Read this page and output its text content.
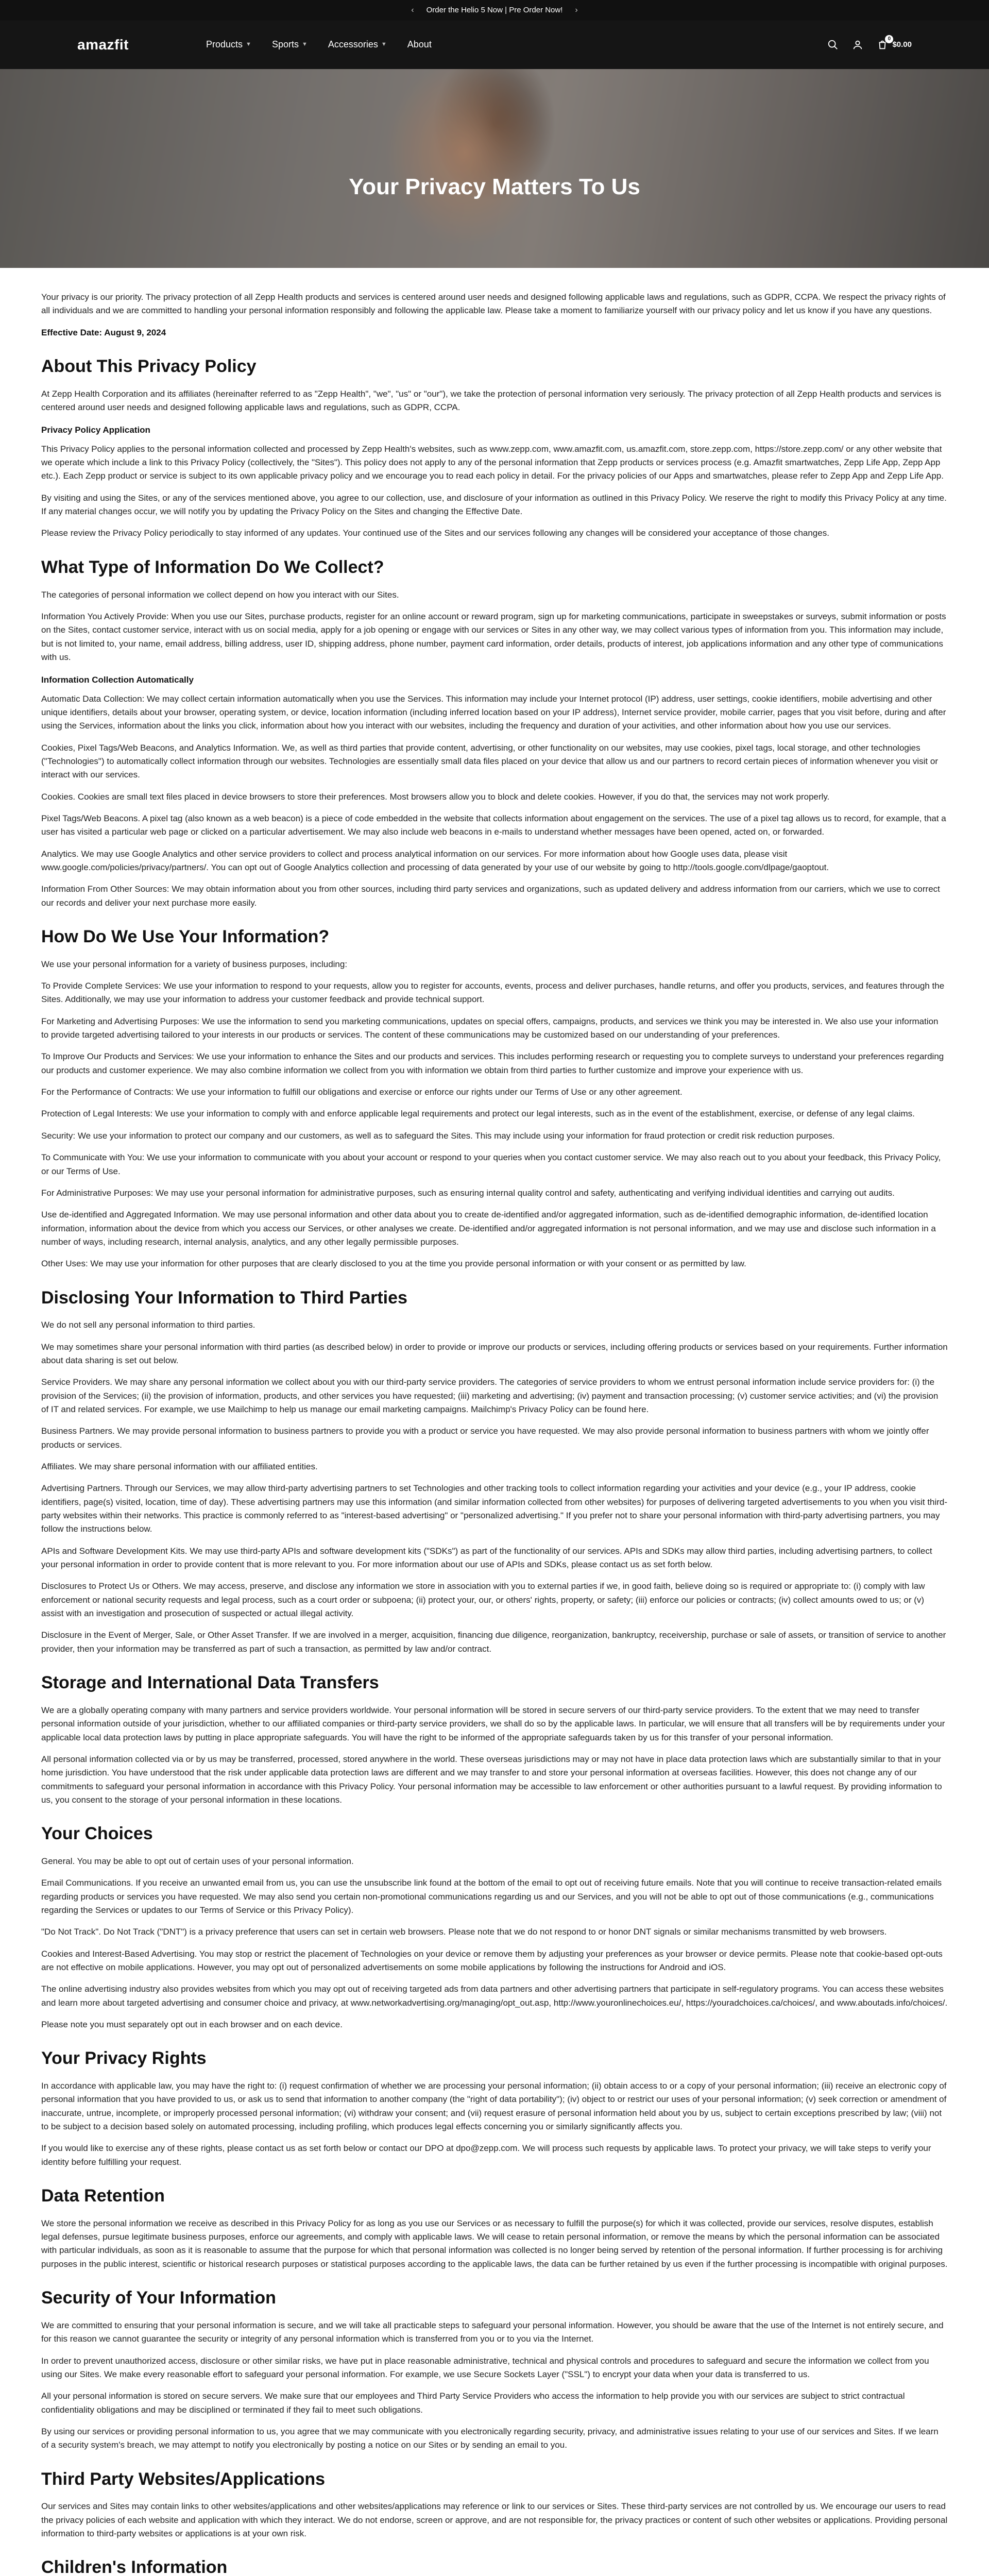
‹ Order the Helio 5 Now | Pre Order Now! ›
amazfit	Products ▼ Sports ▼ Accessories ▼ About
0
$0.00
Your Privacy Matters To Us

Your privacy is our priority. The privacy protection of all Zepp Health products and services is centered around user needs and designed following applicable laws and regulations, such as GDPR, CCPA. We respect the privacy rights of all individuals and we are committed to handling your personal information responsibly and following the applicable law. Please take a moment to familiarize yourself with our privacy policy and let us know if you have any questions.

Effective Date: August 9, 2024

About This Privacy Policy

At Zepp Health Corporation and its affiliates (hereinafter referred to as "Zepp Health", "we", "us" or "our"), we take the protection of personal information very seriously. The privacy protection of all Zepp Health products and services is centered around user needs and designed following applicable laws and regulations, such as GDPR, CCPA.

Privacy Policy Application

This Privacy Policy applies to the personal information collected and processed by Zepp Health's websites, such as www.zepp.com, www.amazfit.com, us.amazfit.com, store.zepp.com, https://store.zepp.com/ or any other website that we operate which include a link to this Privacy Policy (collectively, the "Sites"). This policy does not apply to any of the personal information that Zepp products or services process (e.g. Amazfit smartwatches, Zepp Life App, Zepp App etc.). Each Zepp product or service is subject to its own applicable privacy policy and we encourage you to read each policy in detail. For the privacy policies of our Apps and smartwatches, please refer to Zepp App and Zepp Life App.

By visiting and using the Sites, or any of the services mentioned above, you agree to our collection, use, and disclosure of your information as outlined in this Privacy Policy. We reserve the right to modify this Privacy Policy at any time. If any material changes occur, we will notify you by updating the Privacy Policy on the Sites and changing the Effective Date.

Please review the Privacy Policy periodically to stay informed of any updates. Your continued use of the Sites and our services following any changes will be considered your acceptance of those changes.

What Type of Information Do We Collect?

The categories of personal information we collect depend on how you interact with our Sites.

Information You Actively Provide: When you use our Sites, purchase products, register for an online account or reward program, sign up for marketing communications, participate in sweepstakes or surveys, submit information or posts on the Sites, contact customer service, interact with us on social media, apply for a job opening or engage with our services or Sites in any other way, we may collect various types of information from you. This information may include, but is not limited to, your name, email address, billing address, user ID, shipping address, phone number, payment card information, order details, products of interest, job applications information and any other type of communications with us.

Information Collection Automatically

Automatic Data Collection: We may collect certain information automatically when you use the Services. This information may include your Internet protocol (IP) address, user settings, cookie identifiers, mobile advertising and other unique identifiers, details about your browser, operating system, or device, location information (including inferred location based on your IP address), Internet service provider, mobile carrier, pages that you visit before, during and after using the Services, information about the links you click, information about how you interact with our websites, including the frequency and duration of your activities, and other information about how you use our services.

Cookies, Pixel Tags/Web Beacons, and Analytics Information. We, as well as third parties that provide content, advertising, or other functionality on our websites, may use cookies, pixel tags, local storage, and other technologies ("Technologies") to automatically collect information through our websites. Technologies are essentially small data files placed on your device that allow us and our partners to record certain pieces of information whenever you visit or interact with our services.

Cookies. Cookies are small text files placed in device browsers to store their preferences. Most browsers allow you to block and delete cookies. However, if you do that, the services may not work properly.

Pixel Tags/Web Beacons. A pixel tag (also known as a web beacon) is a piece of code embedded in the website that collects information about engagement on the services. The use of a pixel tag allows us to record, for example, that a user has visited a particular web page or clicked on a particular advertisement. We may also include web beacons in e-mails to understand whether messages have been opened, acted on, or forwarded.

Analytics. We may use Google Analytics and other service providers to collect and process analytical information on our services. For more information about how Google uses data, please visit www.google.com/policies/privacy/partners/. You can opt out of Google Analytics collection and processing of data generated by your use of our website by going to http://tools.google.com/dlpage/gaoptout.

Information From Other Sources: We may obtain information about you from other sources, including third party services and organizations, such as updated delivery and address information from our carriers, which we use to correct our records and deliver your next purchase more easily.

How Do We Use Your Information?

We use your personal information for a variety of business purposes, including:

To Provide Complete Services: We use your information to respond to your requests, allow you to register for accounts, events, process and deliver purchases, handle returns, and offer you products, services, and features through the Sites. Additionally, we may use your information to address your customer feedback and provide technical support.

For Marketing and Advertising Purposes: We use the information to send you marketing communications, updates on special offers, campaigns, products, and services we think you may be interested in. We also use your information to provide targeted advertising tailored to your interests in our products or services. The content of these communications may be customized based on our understanding of your preferences.

To Improve Our Products and Services: We use your information to enhance the Sites and our products and services. This includes performing research or requesting you to complete surveys to understand your preferences regarding our products and customer experience. We may also combine information we collect from you with information we obtain from third parties to further customize and improve your experience with us.

For the Performance of Contracts: We use your information to fulfill our obligations and exercise or enforce our rights under our Terms of Use or any other agreement.

Protection of Legal Interests: We use your information to comply with and enforce applicable legal requirements and protect our legal interests, such as in the event of the establishment, exercise, or defense of any legal claims.

Security: We use your information to protect our company and our customers, as well as to safeguard the Sites. This may include using your information for fraud protection or credit risk reduction purposes.

To Communicate with You: We use your information to communicate with you about your account or respond to your queries when you contact customer service. We may also reach out to you about your feedback, this Privacy Policy, or our Terms of Use.

For Administrative Purposes: We may use your personal information for administrative purposes, such as ensuring internal quality control and safety, authenticating and verifying individual identities and carrying out audits.

Use de-identified and Aggregated Information. We may use personal information and other data about you to create de-identified and/or aggregated information, such as de-identified demographic information, de-identified location information, information about the device from which you access our Services, or other analyses we create. De-identified and/or aggregated information is not personal information, and we may use and disclose such information in a number of ways, including research, internal analysis, analytics, and any other legally permissible purposes.

Other Uses: We may use your information for other purposes that are clearly disclosed to you at the time you provide personal information or with your consent or as permitted by law.

Disclosing Your Information to Third Parties

We do not sell any personal information to third parties.

We may sometimes share your personal information with third parties (as described below) in order to provide or improve our products or services, including offering products or services based on your requirements. Further information about data sharing is set out below.

Service Providers. We may share any personal information we collect about you with our third-party service providers. The categories of service providers to whom we entrust personal information include service providers for: (i) the provision of the Services; (ii) the provision of information, products, and other services you have requested; (iii) marketing and advertising; (iv) payment and transaction processing; (v) customer service activities; and (vi) the provision of IT and related services. For example, we use Mailchimp to help us manage our email marketing campaigns. Mailchimp's Privacy Policy can be found here.

Business Partners. We may provide personal information to business partners to provide you with a product or service you have requested. We may also provide personal information to business partners with whom we jointly offer products or services.

Affiliates. We may share personal information with our affiliated entities.

Advertising Partners. Through our Services, we may allow third-party advertising partners to set Technologies and other tracking tools to collect information regarding your activities and your device (e.g., your IP address, cookie identifiers, page(s) visited, location, time of day). These advertising partners may use this information (and similar information collected from other websites) for purposes of delivering targeted advertisements to you when you visit third-party websites within their networks. This practice is commonly referred to as "interest-based advertising" or "personalized advertising." If you prefer not to share your personal information with third-party advertising partners, you may follow the instructions below.

APIs and Software Development Kits. We may use third-party APIs and software development kits ("SDKs") as part of the functionality of our services. APIs and SDKs may allow third parties, including advertising partners, to collect your personal information in order to provide content that is more relevant to you. For more information about our use of APIs and SDKs, please contact us as set forth below.

Disclosures to Protect Us or Others. We may access, preserve, and disclose any information we store in association with you to external parties if we, in good faith, believe doing so is required or appropriate to: (i) comply with law enforcement or national security requests and legal process, such as a court order or subpoena; (ii) protect your, our, or others' rights, property, or safety; (iii) enforce our policies or contracts; (iv) collect amounts owed to us; or (v) assist with an investigation and prosecution of suspected or actual illegal activity.

Disclosure in the Event of Merger, Sale, or Other Asset Transfer. If we are involved in a merger, acquisition, financing due diligence, reorganization, bankruptcy, receivership, purchase or sale of assets, or transition of service to another provider, then your information may be transferred as part of such a transaction, as permitted by law and/or contract.

Storage and International Data Transfers

We are a globally operating company with many partners and service providers worldwide. Your personal information will be stored in secure servers of our third-party service providers. To the extent that we may need to transfer personal information outside of your jurisdiction, whether to our affiliated companies or third-party service providers, we shall do so by the applicable laws. In particular, we will ensure that all transfers will be by requirements under your applicable local data protection laws by putting in place appropriate safeguards. You will have the right to be informed of the appropriate safeguards taken by us for this transfer of your personal information.

All personal information collected via or by us may be transferred, processed, stored anywhere in the world. These overseas jurisdictions may or may not have in place data protection laws which are substantially similar to that in your home jurisdiction. You have understood that the risk under applicable data protection laws are different and we may transfer to and store your personal information at overseas facilities. However, this does not change any of our commitments to safeguard your personal information in accordance with this Privacy Policy. Your personal information may be accessible to law enforcement or other authorities pursuant to a lawful request. By providing information to us, you consent to the storage of your personal information in these locations.

Your Choices

General. You may be able to opt out of certain uses of your personal information.

Email Communications. If you receive an unwanted email from us, you can use the unsubscribe link found at the bottom of the email to opt out of receiving future emails. Note that you will continue to receive transaction-related emails regarding products or services you have requested. We may also send you certain non-promotional communications regarding us and our Services, and you will not be able to opt out of those communications (e.g., communications regarding the Services or updates to our Terms of Service or this Privacy Policy).

"Do Not Track". Do Not Track ("DNT") is a privacy preference that users can set in certain web browsers. Please note that we do not respond to or honor DNT signals or similar mechanisms transmitted by web browsers.

Cookies and Interest-Based Advertising. You may stop or restrict the placement of Technologies on your device or remove them by adjusting your preferences as your browser or device permits. Please note that cookie-based opt-outs are not effective on mobile applications. However, you may opt out of personalized advertisements on some mobile applications by following the instructions for Android and iOS.

The online advertising industry also provides websites from which you may opt out of receiving targeted ads from data partners and other advertising partners that participate in self-regulatory programs. You can access these websites and learn more about targeted advertising and consumer choice and privacy, at www.networkadvertising.org/managing/opt_out.asp, http://www.youronlinechoices.eu/, https://youradchoices.ca/choices/, and www.aboutads.info/choices/.

Please note you must separately opt out in each browser and on each device.

Your Privacy Rights

In accordance with applicable law, you may have the right to: (i) request confirmation of whether we are processing your personal information; (ii) obtain access to or a copy of your personal information; (iii) receive an electronic copy of personal information that you have provided to us, or ask us to send that information to another company (the "right of data portability"); (iv) object to or restrict our uses of your personal information; (v) seek correction or amendment of inaccurate, untrue, incomplete, or improperly processed personal information; (vi) withdraw your consent; and (vii) request erasure of personal information held about you by us, subject to certain exceptions prescribed by law; (viii) not to be subject to a decision based solely on automated processing, including profiling, which produces legal effects concerning you or similarly significantly affects you.

If you would like to exercise any of these rights, please contact us as set forth below or contact our DPO at dpo@zepp.com. We will process such requests by applicable laws. To protect your privacy, we will take steps to verify your identity before fulfilling your request.

Data Retention

We store the personal information we receive as described in this Privacy Policy for as long as you use our Services or as necessary to fulfill the purpose(s) for which it was collected, provide our services, resolve disputes, establish legal defenses, pursue legitimate business purposes, enforce our agreements, and comply with applicable laws. We will cease to retain personal information, or remove the means by which the personal information can be associated with particular individuals, as soon as it is reasonable to assume that the purpose for which that personal information was collected is no longer being served by retention of the personal information. If further processing is for archiving purposes in the public interest, scientific or historical research purposes or statistical purposes according to the applicable laws, the data can be further retained by us even if the further processing is incompatible with original purposes.

Security of Your Information

We are committed to ensuring that your personal information is secure, and we will take all practicable steps to safeguard your personal information. However, you should be aware that the use of the Internet is not entirely secure, and for this reason we cannot guarantee the security or integrity of any personal information which is transferred from you or to you via the Internet.

In order to prevent unauthorized access, disclosure or other similar risks, we have put in place reasonable administrative, technical and physical controls and procedures to safeguard and secure the information we collect from you using our Sites. We make every reasonable effort to safeguard your personal information. For example, we use Secure Sockets Layer ("SSL") to encrypt your data when your data is transferred to us.

All your personal information is stored on secure servers. We make sure that our employees and Third Party Service Providers who access the information to help provide you with our services are subject to strict contractual confidentiality obligations and may be disciplined or terminated if they fail to meet such obligations.

By using our services or providing personal information to us, you agree that we may communicate with you electronically regarding security, privacy, and administrative issues relating to your use of our services and Sites. If we learn of a security system's breach, we may attempt to notify you electronically by posting a notice on our Sites or by sending an email to you.

Third Party Websites/Applications

Our services and Sites may contain links to other websites/applications and other websites/applications may reference or link to our services or Sites. These third-party services are not controlled by us. We encourage our users to read the privacy policies of each website and application with which they interact. We do not endorse, screen or approve, and are not responsible for, the privacy practices or content of such other websites or applications. Providing personal information to third-party websites or applications is at your own risk.

Children's Information
